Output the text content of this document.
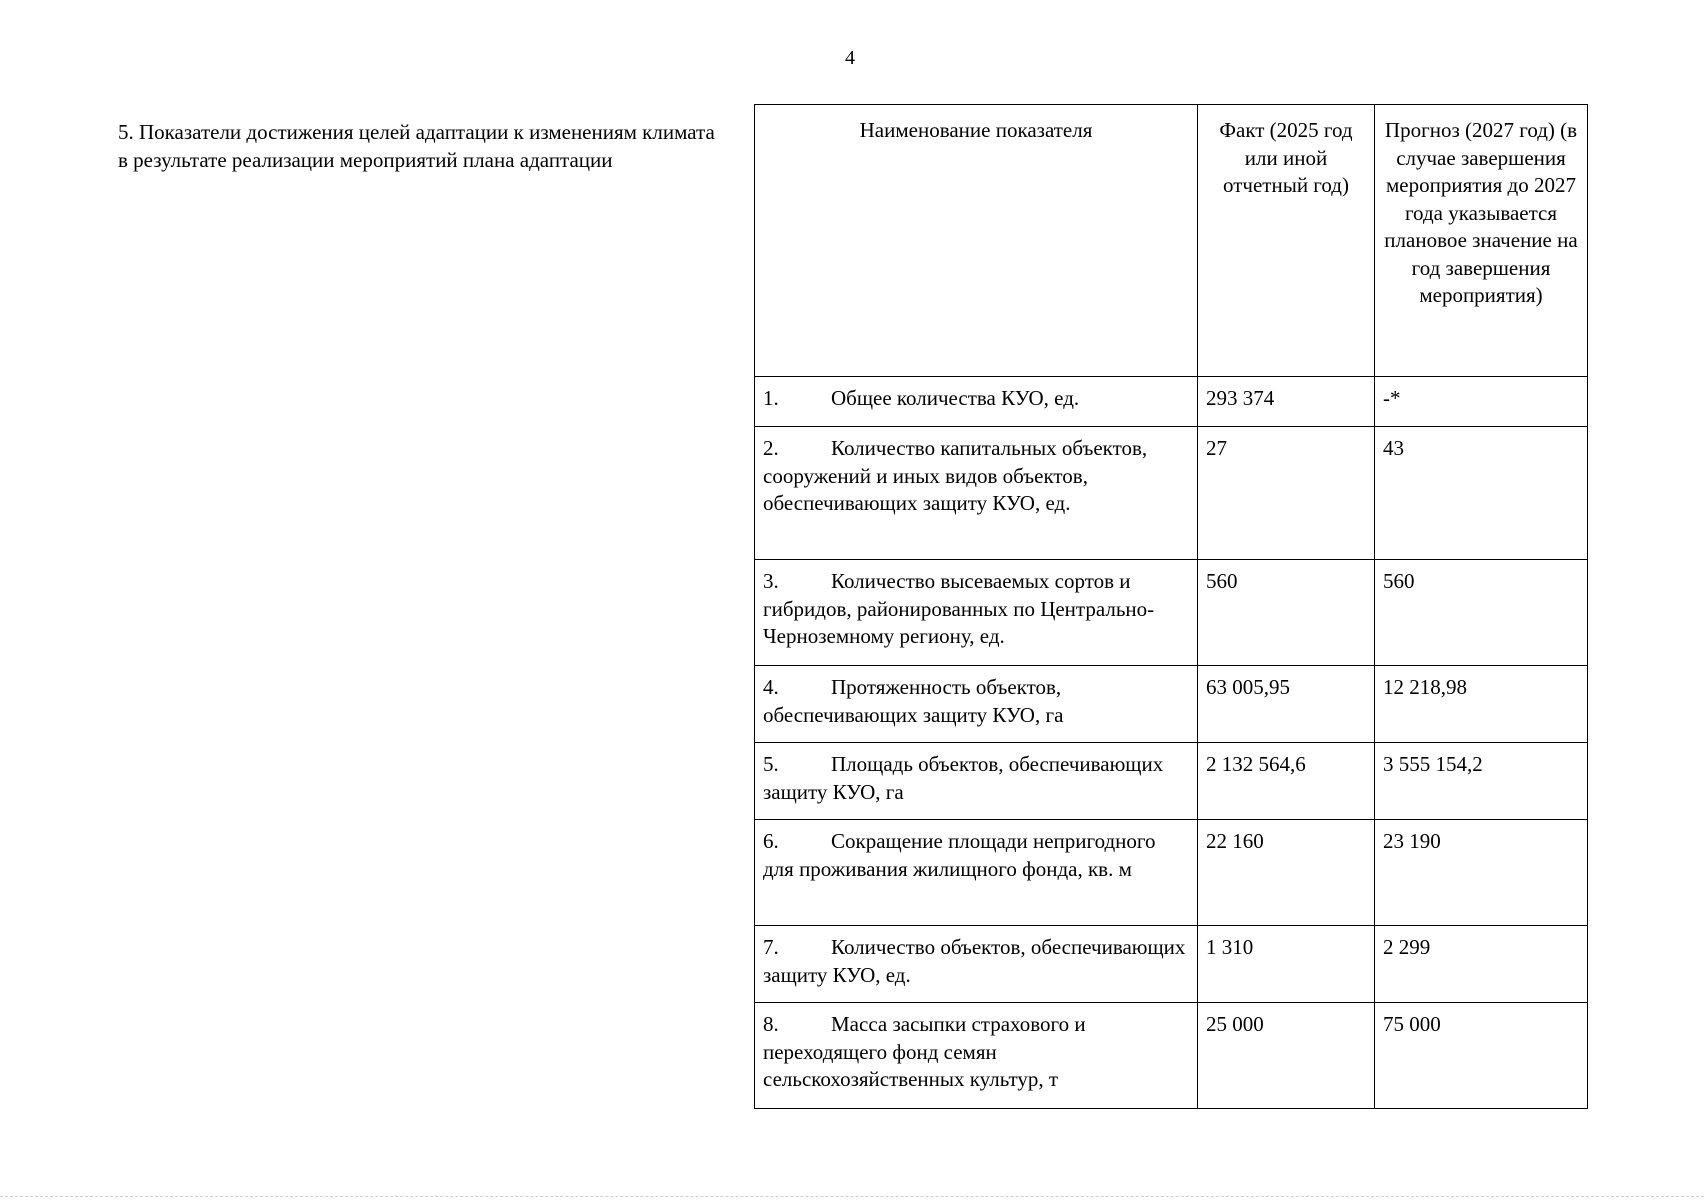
4
5. Показатели достижения целей адаптации к изменениям климата в результате реализации мероприятий плана адаптации
Наименование показателя	Факт (2025 год или иной отчетный год)	Прогноз (2027 год) (в случае завершения мероприятия до 2027 года указывается плановое значение на год завершения мероприятия)
1. Общее количества КУО, ед.	293 374	-*
2. Количество капитальных объектов, сооружений и иных видов объектов, обеспечивающих защиту КУО, ед.	27	43
3. Количество высеваемых сортов и гибридов, районированных по Центрально-Черноземному региону, ед.	560	560
4. Протяженность объектов, обеспечивающих защиту КУО, га	63 005,95	12 218,98
5. Площадь объектов, обеспечивающих защиту КУО, га	2 132 564,6	3 555 154,2
6. Сокращение площади непригодного для проживания жилищного фонда, кв. м	22 160	23 190
7. Количество объектов, обеспечивающих защиту КУО, ед.	1 310	2 299
8. Масса засыпки страхового и переходящего фонд семян сельскохозяйственных культур, т	25 000	75 000
